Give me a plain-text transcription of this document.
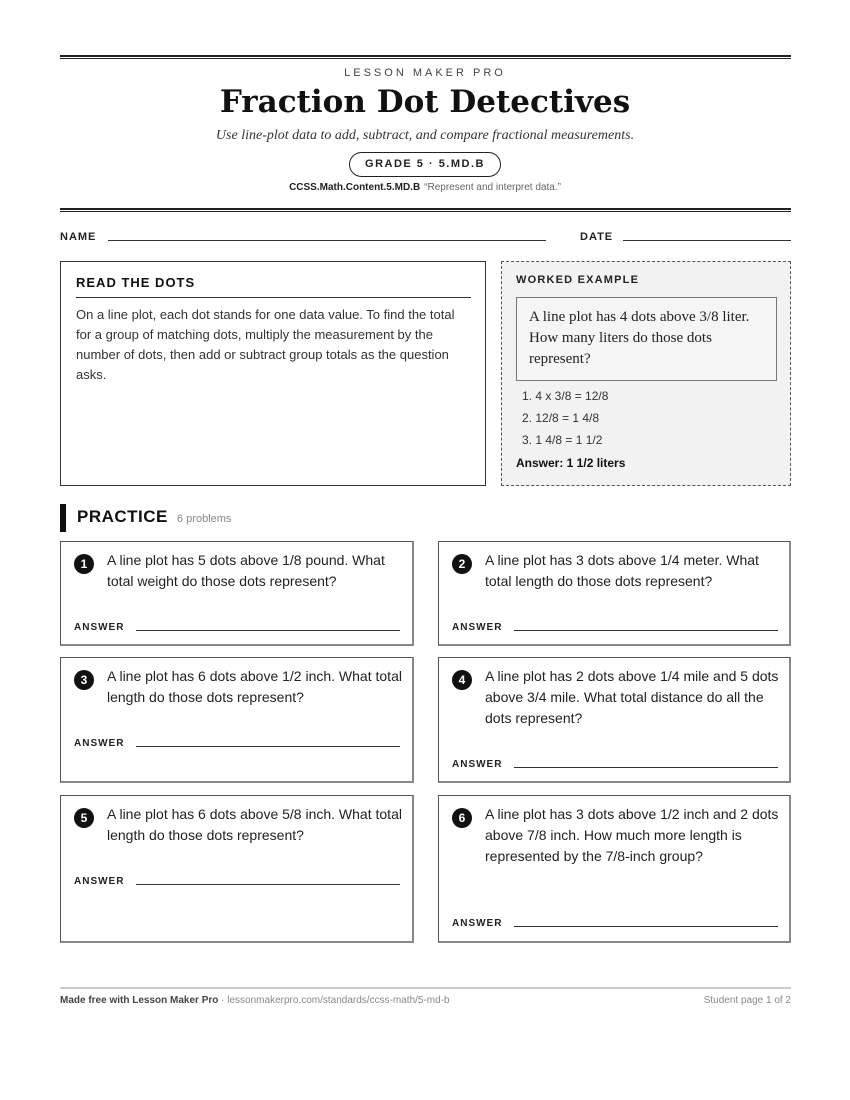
LESSON MAKER PRO
Fraction Dot Detectives
Use line-plot data to add, subtract, and compare fractional measurements.
GRADE 5 · 5.MD.B
CCSS.Math.Content.5.MD.B “Represent and interpret data.”
NAME	DATE
READ THE DOTS
On a line plot, each dot stands for one data value. To find the total for a group of matching dots, multiply the measurement by the number of dots, then add or subtract group totals as the question asks.
WORKED EXAMPLE
A line plot has 4 dots above 3/8 liter. How many liters do those dots represent?
1. 4 x 3/8 = 12/8
2. 12/8 = 1 4/8
3. 1 4/8 = 1 1/2
Answer: 1 1/2 liters
PRACTICE 6 problems
1	A line plot has 5 dots above 1/8 pound. What total weight do those dots represent?
ANSWER
2	A line plot has 3 dots above 1/4 meter. What total length do those dots represent?
ANSWER
3	A line plot has 6 dots above 1/2 inch. What total length do those dots represent?
ANSWER
4	A line plot has 2 dots above 1/4 mile and 5 dots above 3/4 mile. What total distance do all the dots represent?
ANSWER
5	A line plot has 6 dots above 5/8 inch. What total length do those dots represent?
ANSWER
6	A line plot has 3 dots above 1/2 inch and 2 dots above 7/8 inch. How much more length is represented by the 7/8-inch group?
ANSWER
Made free with Lesson Maker Pro · lessonmakerpro.com/standards/ccss-math/5-md-b	Student page 1 of 2
